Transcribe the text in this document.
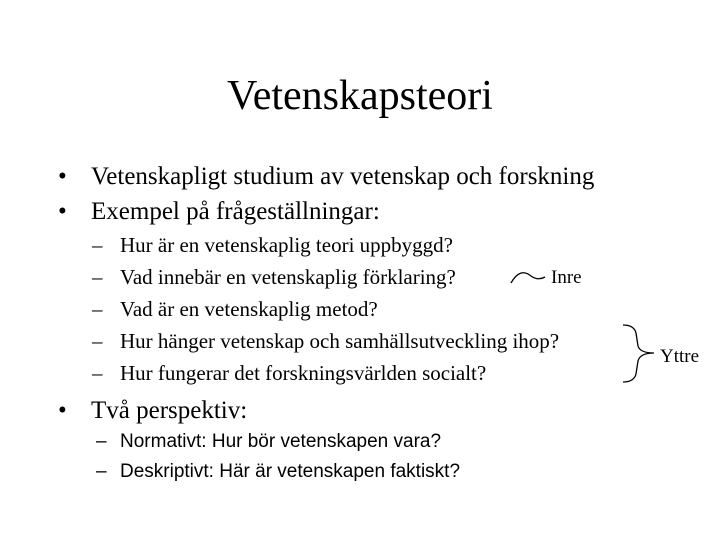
Vetenskapsteori
• Vetenskapligt studium av vetenskap och forskning
• Exempel på frågeställningar:
– Hur är en vetenskaplig teori uppbyggd?
– Vad innebär en vetenskaplig förklaring?
– Vad är en vetenskaplig metod?
– Hur hänger vetenskap och samhällsutveckling ihop?
– Hur fungerar det forskningsvärlden socialt?
Inre
Yttre
• Två perspektiv:
– Normativt: Hur bör vetenskapen vara?
– Deskriptivt: Här är vetenskapen faktiskt?
